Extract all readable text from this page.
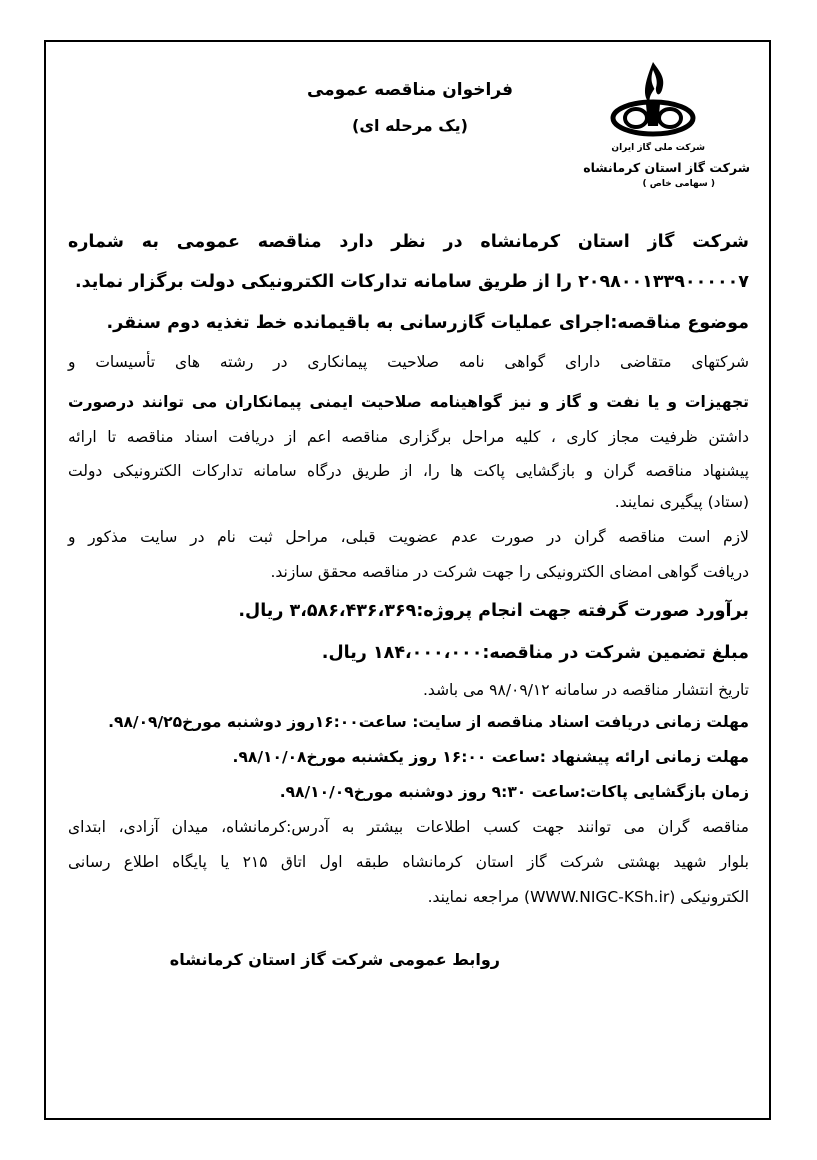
شرکت ملی گاز ایران
شرکت گاز استان کرمانشاه
( سهامی خاص )
فراخوان مناقصه عمومی
(یک مرحله ای)
شرکت گاز استان کرمانشاه در نظر دارد مناقصه عمومی به شماره
۲۰۹۸۰۰۱۳۳۹۰۰۰۰۰۷ را از طریق سامانه تدارکات الکترونیکی دولت برگزار نماید.
موضوع مناقصه:اجرای عملیات گازرسانی به باقیمانده خط تغذیه دوم سنقر.
شرکتهای متقاضی دارای گواهی نامه صلاحیت پیمانکاری در رشته های تأسیسات و
تجهیزات و یا نفت و گاز و نیز گواهینامه صلاحیت ایمنی پیمانکاران می توانند درصورت
داشتن ظرفیت مجاز کاری ، کلیه مراحل برگزاری مناقصه اعم از دریافت اسناد مناقصه تا ارائه
پیشنهاد مناقصه گران و بازگشایی پاکت ها را، از طریق درگاه سامانه تدارکات الکترونیکی دولت
(ستاد) پیگیری نمایند.
لازم است مناقصه گران در صورت عدم عضویت قبلی، مراحل ثبت نام در سایت مذکور و
دریافت گواهی امضای الکترونیکی را جهت شرکت در مناقصه محقق سازند.
برآورد صورت گرفته جهت انجام پروژه:۳،۵۸۶،۴۳۶،۳۶۹ ریال.
مبلغ تضمین شرکت در مناقصه:۱۸۴،۰۰۰،۰۰۰ ریال.
تاریخ انتشار مناقصه در سامانه ۹۸/۰۹/۱۲ می باشد.
مهلت زمانی دریافت اسناد مناقصه از سایت: ساعت۱۶:۰۰روز دوشنبه مورخ۹۸/۰۹/۲۵.
مهلت زمانی ارائه پیشنهاد :ساعت ۱۶:۰۰ روز یکشنبه مورخ۹۸/۱۰/۰۸.
زمان بازگشایی پاکات:ساعت ۹:۳۰ روز دوشنبه مورخ۹۸/۱۰/۰۹.
مناقصه گران می توانند جهت کسب اطلاعات بیشتر به آدرس:کرمانشاه، میدان آزادی، ابتدای
بلوار شهید بهشتی شرکت گاز استان کرمانشاه طبقه اول اتاق ۲۱۵ یا پایگاه اطلاع رسانی
الکترونیکی (WWW.NIGC-KSh.ir) مراجعه نمایند.
روابط عمومی شرکت گاز استان کرمانشاه
